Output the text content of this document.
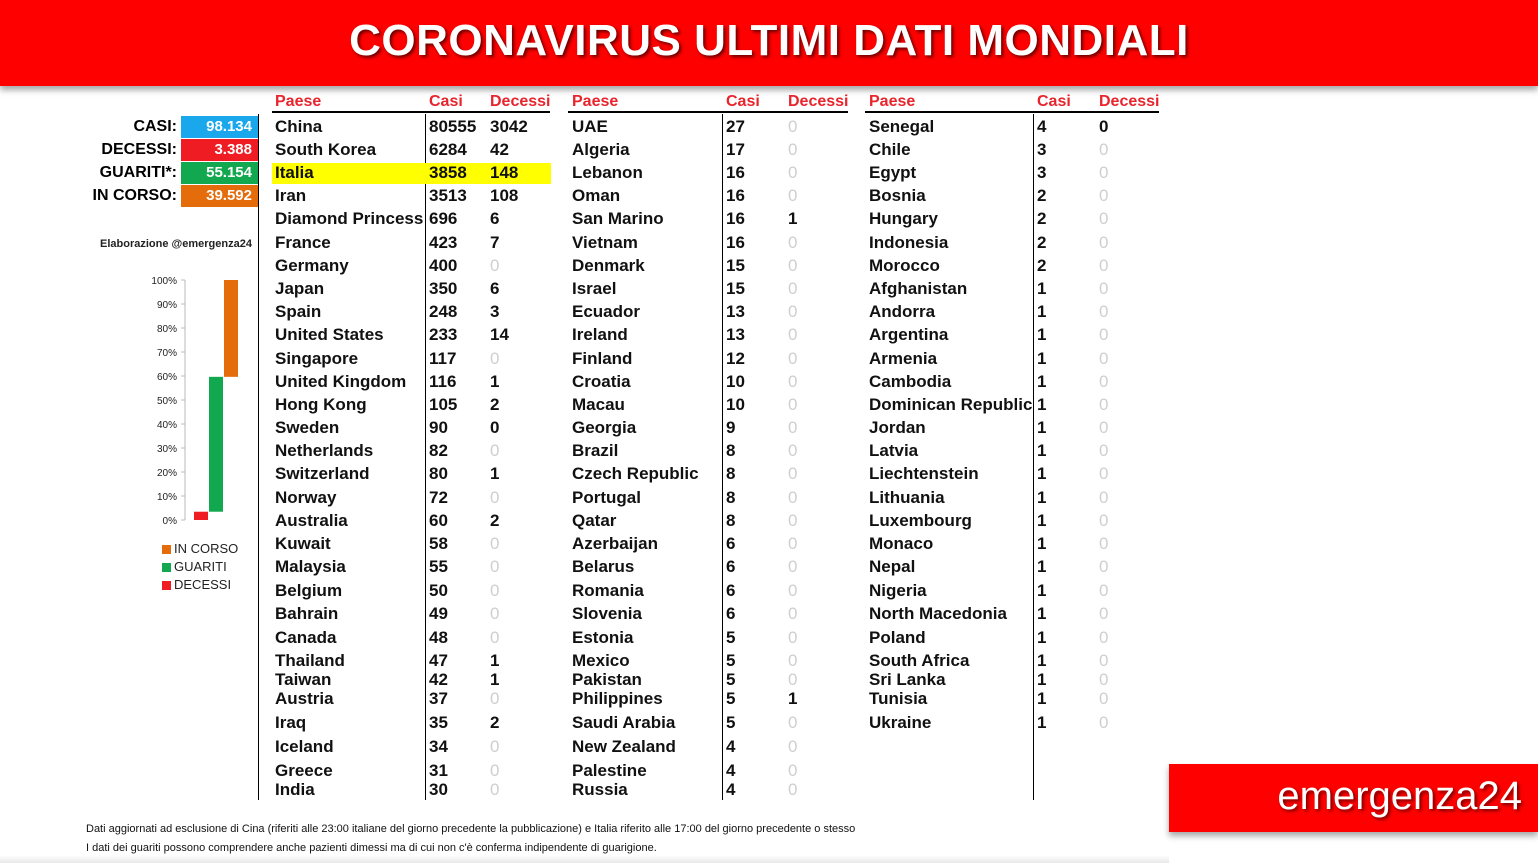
CORONAVIRUS ULTIMI DATI MONDIALI
CASI:	98.134
DECESSI:	3.388
GUARITI*:	55.154
IN CORSO:	39.592
Elaborazione @emergenza24
0%
10%
20%
30%
40%
50%
60%
70%
80%
90%
100%
IN CORSO
GUARITI
DECESSI
Paese	Casi Decessi
China	80555 3042
South Korea	6284 42
Italia	3858 148
Iran	3513 108
Diamond Princess 696 6
France	423 7
Germany	400 0
Japan	350 6
Spain	248 3
United States	233 14
Singapore	117 0
United Kingdom 116 1
Hong Kong	105 2
Sweden	90 0
Netherlands	82 0
Switzerland	80 1
Norway	72 0
Australia	60 2
Kuwait	58 0
Malaysia	55 0
Belgium	50 0
Bahrain	49 0
Canada	48 0
Thailand	47 1
Taiwan	42 1
Austria	37 0
Iraq	35 2
Iceland	34 0
Greece	31 0
India	30 0
Paese	Casi Decessi
UAE	27	0
Algeria	17	0
Lebanon	16	0
Oman	16	0
San Marino	16	1
Vietnam	16	0
Denmark	15	0
Israel	15	0
Ecuador	13	0
Ireland	13	0
Finland	12	0
Croatia	10	0
Macau	10	0
Georgia	9	0
Brazil	8	0
Czech Republic 8	0
Portugal	8	0
Qatar	8	0
Azerbaijan	6	0
Belarus	6	0
Romania	6	0
Slovenia	6	0
Estonia	5	0
Mexico	5	0
Pakistan	5	0
Philippines	5	1
Saudi Arabia	5	0
New Zealand	4	0
Palestine	4	0
Russia	4	0
Paese	Casi Decessi
Senegal	4	0
Chile	3	0
Egypt	3	0
Bosnia	2	0
Hungary	2	0
Indonesia	2	0
Morocco	2	0
Afghanistan	1	0
Andorra	1	0
Argentina	1	0
Armenia	1	0
Cambodia	1	0
Dominican Republic 1	0
Jordan	1	0
Latvia	1	0
Liechtenstein	1	0
Lithuania	1	0
Luxembourg	1	0
Monaco	1	0
Nepal	1	0
Nigeria	1	0
North Macedonia 1	0
Poland	1	0
South Africa	1	0
Sri Lanka	1	0
Tunisia	1	0
Ukraine	1	0
Dati aggiornati ad esclusione di Cina (riferiti alle 23:00 italiane del giorno precedente la pubblicazione) e Italia riferito alle 17:00 del giorno precedente o stesso
I dati dei guariti possono comprendere anche pazienti dimessi ma di cui non c'è conferma indipendente di guarigione.
emergenza24
